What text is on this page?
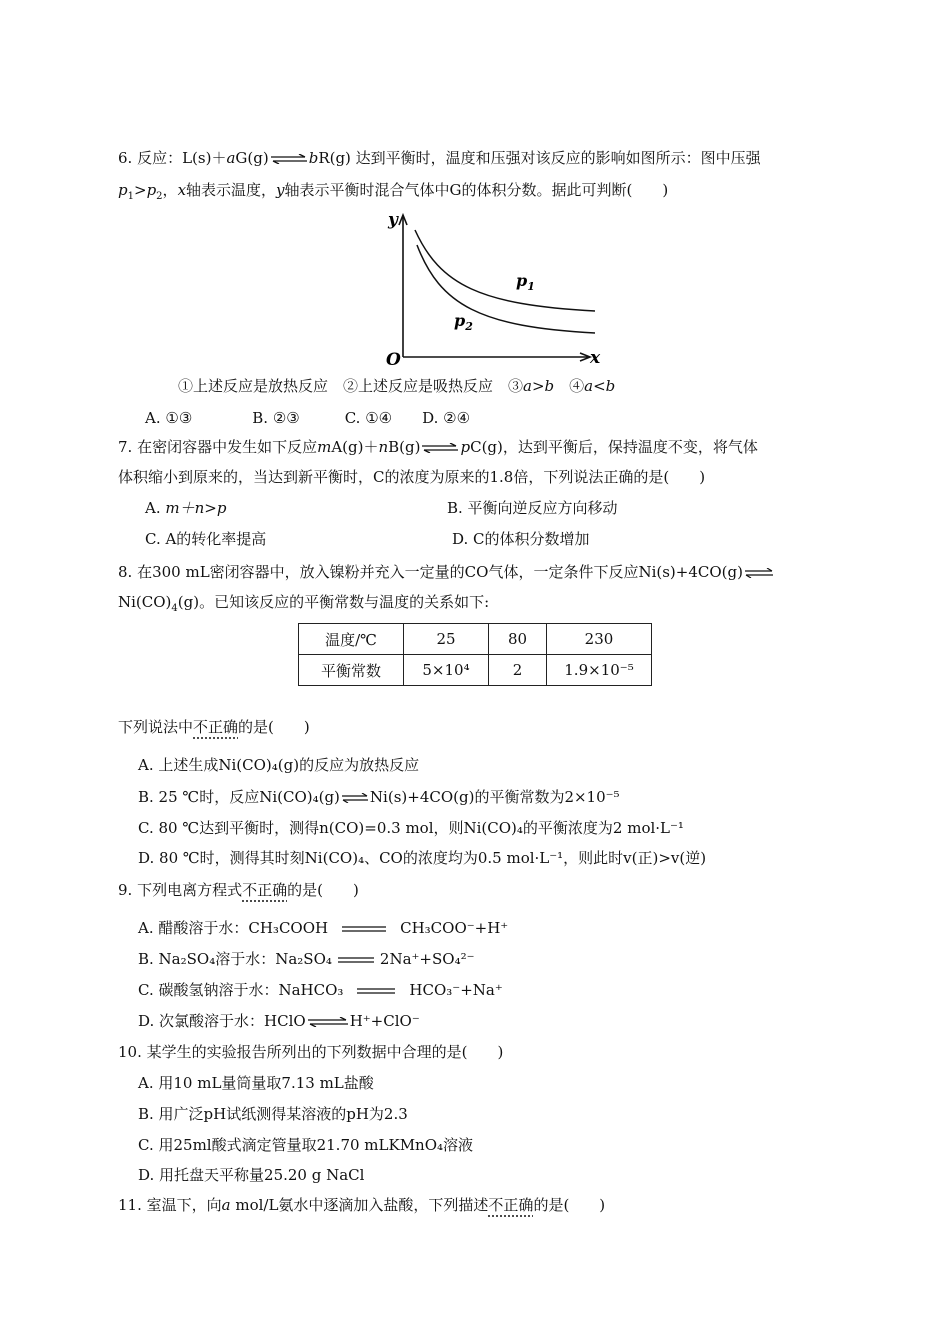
6. 反应：L(s)＋aG(g) ⇌ bR(g) 达到平衡时，温度和压强对该反应的影响如图所示：图中压强
$p_1>p_2$，x轴表示温度，y轴表示平衡时混合气体中G的体积分数。据此可判断(　　)
y
x
O
$p_1$
$p_2$
①上述反应是放热反应　②上述反应是吸热反应　③a>b　④a<b
A. ①③　　　　B. ②③　　　C. ①④　　D. ②④
7. 在密闭容器中发生如下反应mA(g)＋nB(g) ⇌ pC(g)，达到平衡后，保持温度不变，将气体
体积缩小到原来的，当达到新平衡时，C的浓度为原来的1.8倍，下列说法正确的是(　　)
A. m＋n>p	B. 平衡向逆反应方向移动
C. A的转化率提高	D. C的体积分数增加
8. 在300 mL密闭容器中，放入镍粉并充入一定量的CO气体，一定条件下反应Ni(s)+4CO(g) ⇌
$Ni(CO)_4(g)$。已知该反应的平衡常数与温度的关系如下:
温度/℃	25	80	230
平衡常数	5×10⁴	2	1.9×10⁻⁵
下列说法中不正确的是(　　)
A. 上述生成Ni(CO)₄(g)的反应为放热反应
B. 25 ℃时，反应Ni(CO)₄(g) ⇌ Ni(s)+4CO(g)的平衡常数为2×10⁻⁵
C. 80 ℃达到平衡时，测得n(CO)=0.3 mol，则Ni(CO)₄的平衡浓度为2 mol·L⁻¹
D. 80 ℃时，测得其时刻Ni(CO)₄、CO的浓度均为0.5 mol·L⁻¹，则此时v(正)>v(逆)
9. 下列电离方程式不正确的是(　　)
A. 醋酸溶于水：CH₃COOH	CH₃COO⁻+H⁺
B. Na₂SO₄溶于水：Na₂SO₄	2Na⁺+SO₄²⁻
C. 碳酸氢钠溶于水：NaHCO₃	HCO₃⁻+Na⁺
D. 次氯酸溶于水：HClO ⇌ H⁺+ClO⁻
10. 某学生的实验报告所列出的下列数据中合理的是(　　)
A. 用10 mL量筒量取7.13 mL盐酸
B. 用广泛pH试纸测得某溶液的pH为2.3
C. 用25ml酸式滴定管量取21.70 mLKMnO₄溶液
D. 用托盘天平称量25.20 g NaCl
11. 室温下，向a mol/L氨水中逐滴加入盐酸，下列描述不正确的是(　　)
